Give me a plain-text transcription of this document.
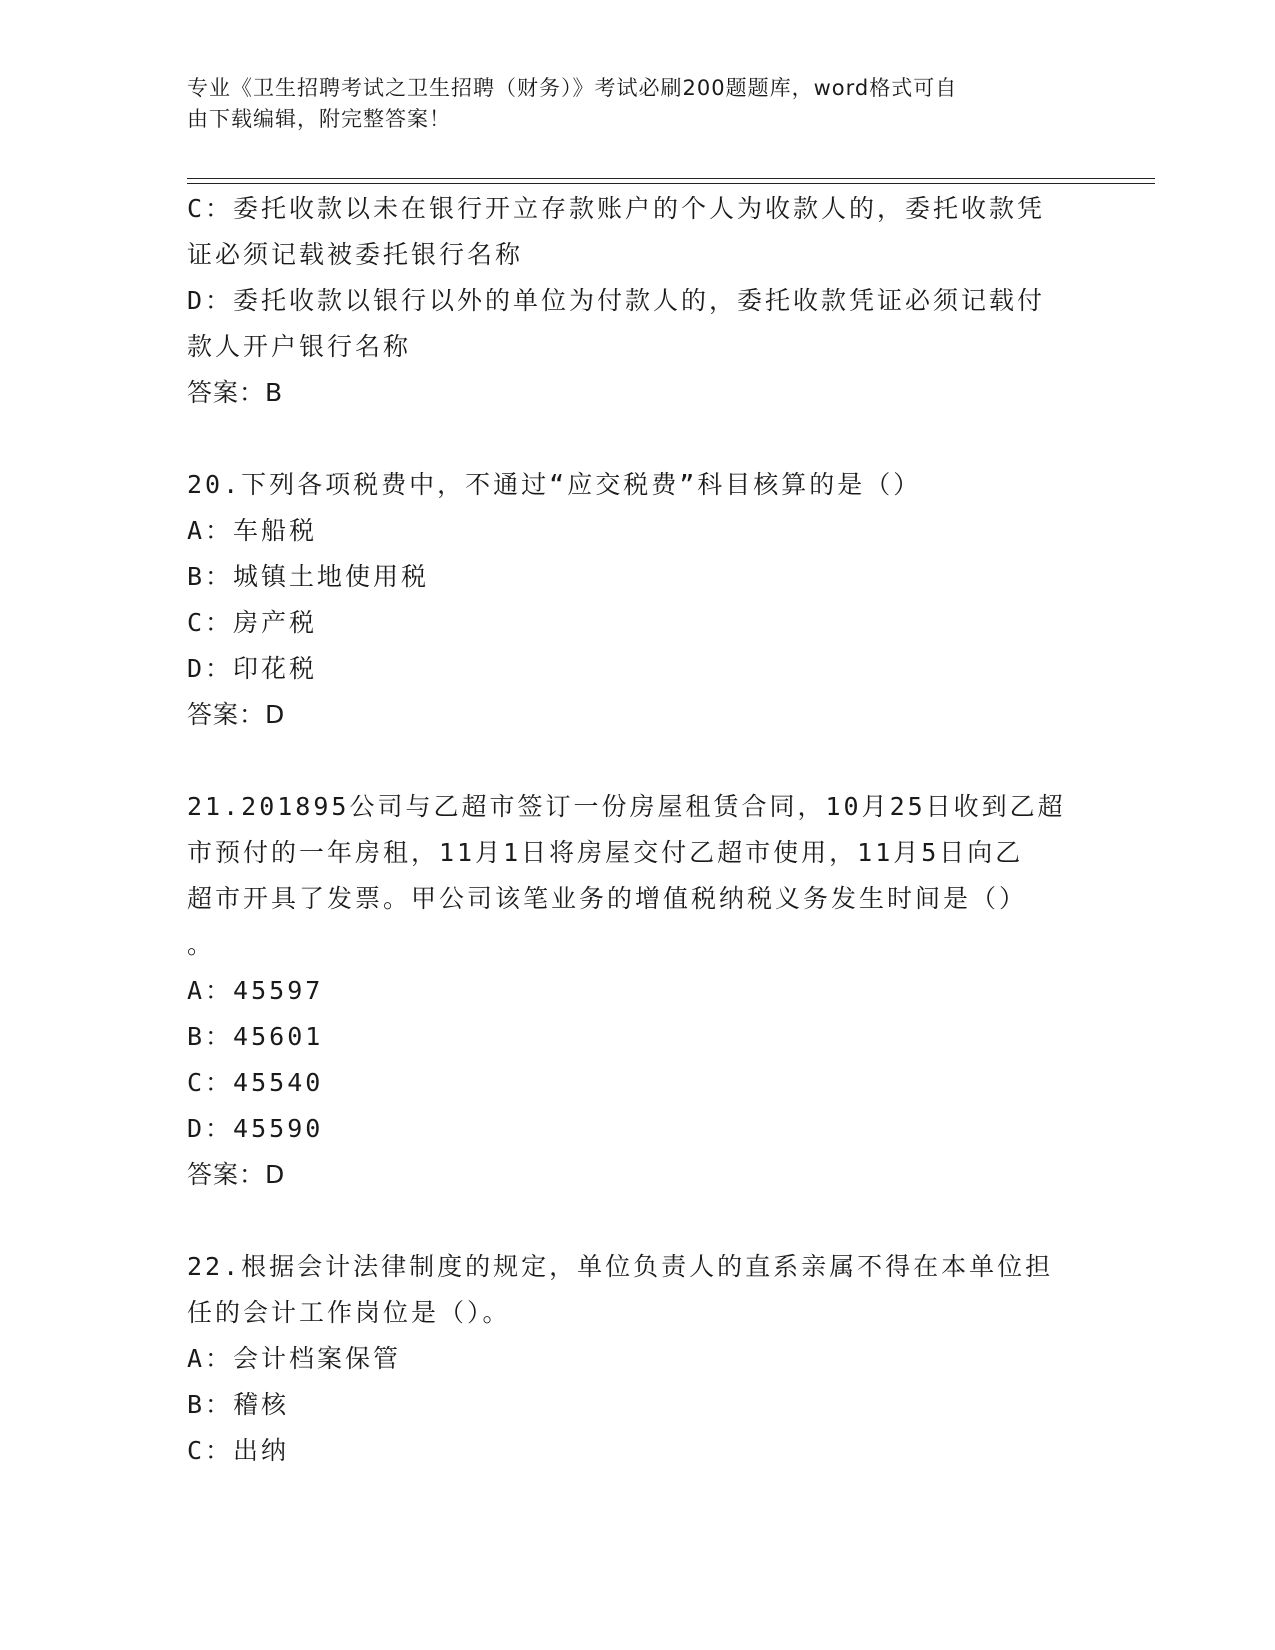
专业《卫生招聘考试之卫生招聘（财务）》考试必刷200题题库，word格式可自
由下载编辑，附完整答案！
C：委托收款以未在银行开立存款账户的个人为收款人的，委托收款凭
证必须记载被委托银行名称
D：委托收款以银行以外的单位为付款人的，委托收款凭证必须记载付
款人开户银行名称
答案：B
20.下列各项税费中，不通过“应交税费”科目核算的是（）
A：车船税
B：城镇土地使用税
C：房产税
D：印花税
答案：D
21.201895公司与乙超市签订一份房屋租赁合同，10月25日收到乙超
市预付的一年房租，11月1日将房屋交付乙超市使用，11月5日向乙
超市开具了发票。甲公司该笔业务的增值税纳税义务发生时间是（）
。
A：45597
B：45601
C：45540
D：45590
答案：D
22.根据会计法律制度的规定，单位负责人的直系亲属不得在本单位担
任的会计工作岗位是（）。
A：会计档案保管
B：稽核
C：出纳
